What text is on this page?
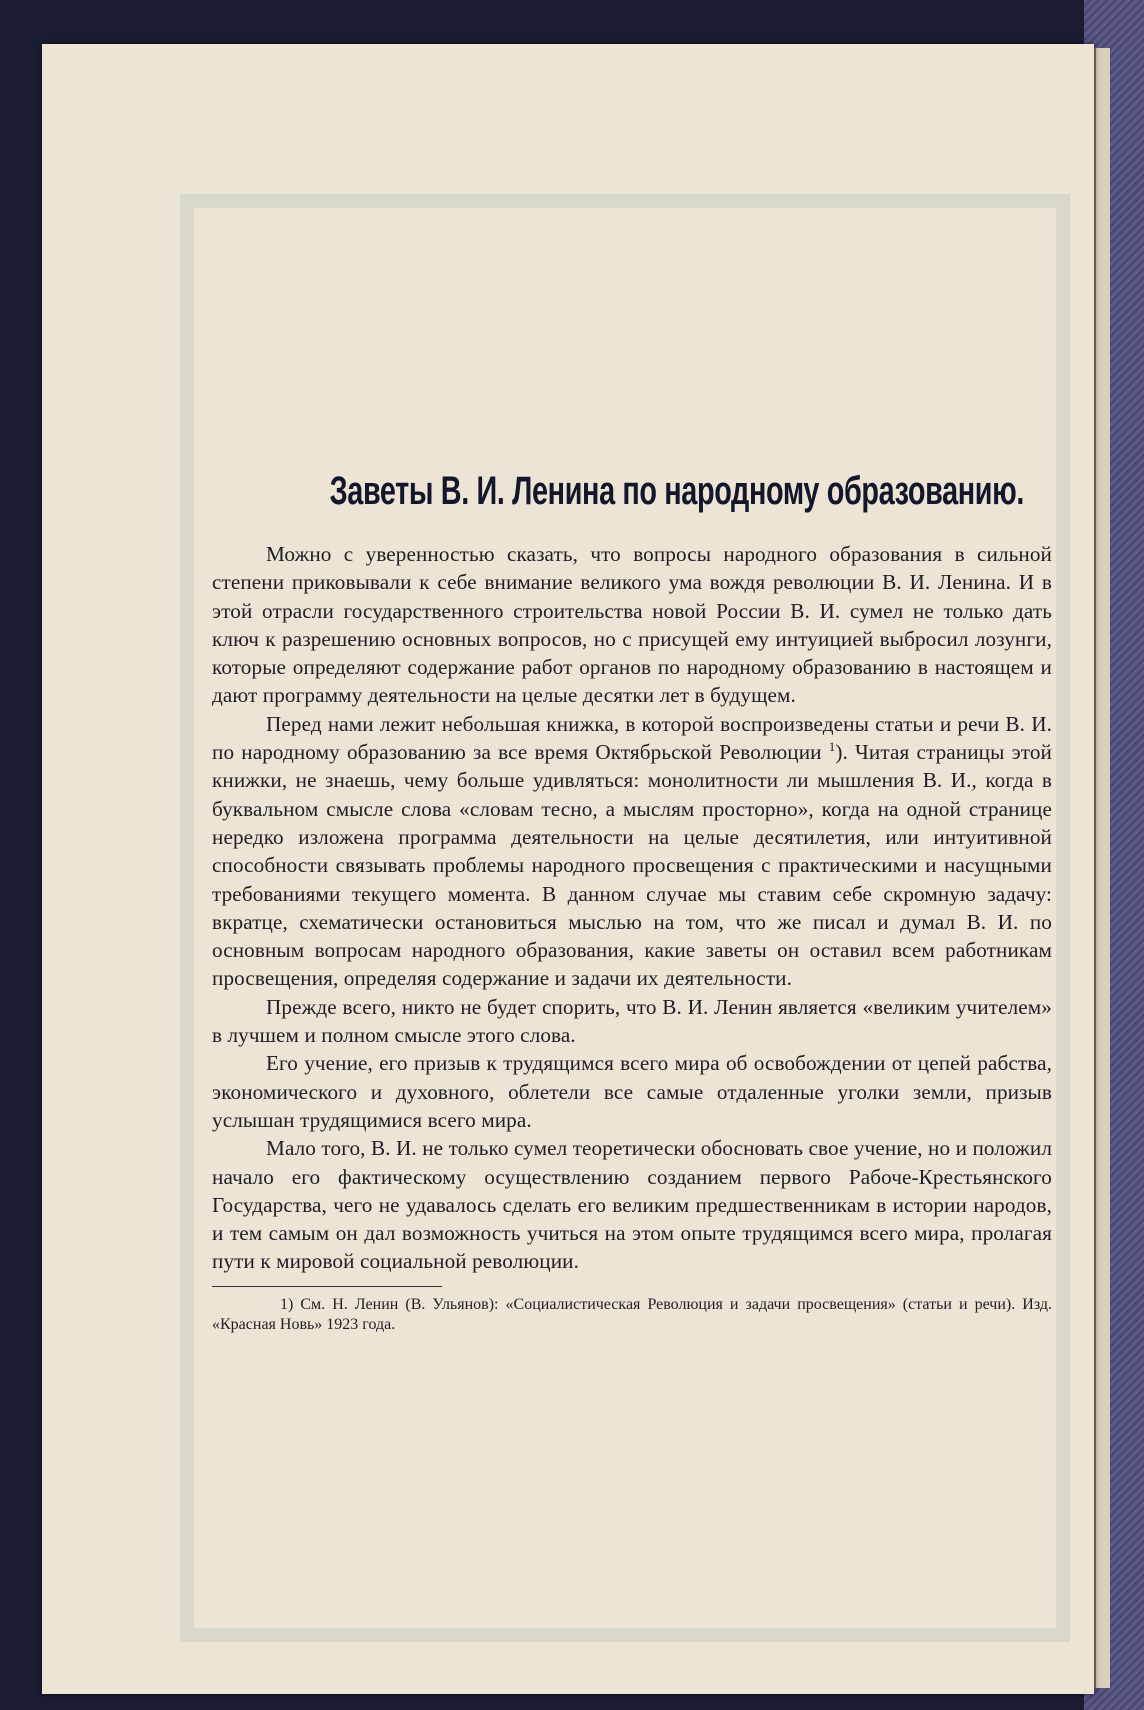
Заветы В. И. Ленина по народному образованию.

Можно с уверенностью сказать, что вопросы народного образования в сильной степени приковывали к себе внимание великого ума вождя революции В. И. Ленина. И в этой отрасли государственного строительства новой России В. И. сумел не только дать ключ к разрешению основных вопросов, но с присущей ему интуицией выбросил лозунги, которые определяют содержание работ органов по народному образованию в настоящем и дают программу деятельности на целые десятки лет в будущем.

Перед нами лежит небольшая книжка, в которой воспроизведены статьи и речи В. И. по народному образованию за все время Октябрьской Революции $^1$). Читая страницы этой книжки, не знаешь, чему больше удивляться: монолитности ли мышления В. И., когда в буквальном смысле слова «словам тесно, а мыслям просторно», когда на одной странице нередко изложена программа деятельности на целые десятилетия, или интуитивной способности связывать проблемы народного просвещения с практическими и насущными требованиями текущего момента. В данном случае мы ставим себе скромную задачу: вкратце, схематически остановиться мыслью на том, что же писал и думал В. И. по основным вопросам народного образования, какие заветы он оставил всем работникам просвещения, определяя содержание и задачи их деятельности.

Прежде всего, никто не будет спорить, что В. И. Ленин является «великим учителем» в лучшем и полном смысле этого слова.

Его учение, его призыв к трудящимся всего мира об освобождении от цепей рабства, экономического и духовного, облетели все самые отдаленные уголки земли, призыв услышан трудящимися всего мира.

Мало того, В. И. не только сумел теоретически обосновать свое учение, но и положил начало его фактическому осуществлению созданием первого Рабоче-Крестьянского Государства, чего не удавалось сделать его великим предшественникам в истории народов, и тем самым он дал возможность учиться на этом опыте трудящимся всего мира, пролагая пути к мировой социальной революции.

1) См. Н. Ленин (В. Ульянов): «Социалистическая Революция и задачи просвещения» (статьи и речи). Изд. «Красная Новь» 1923 года.
